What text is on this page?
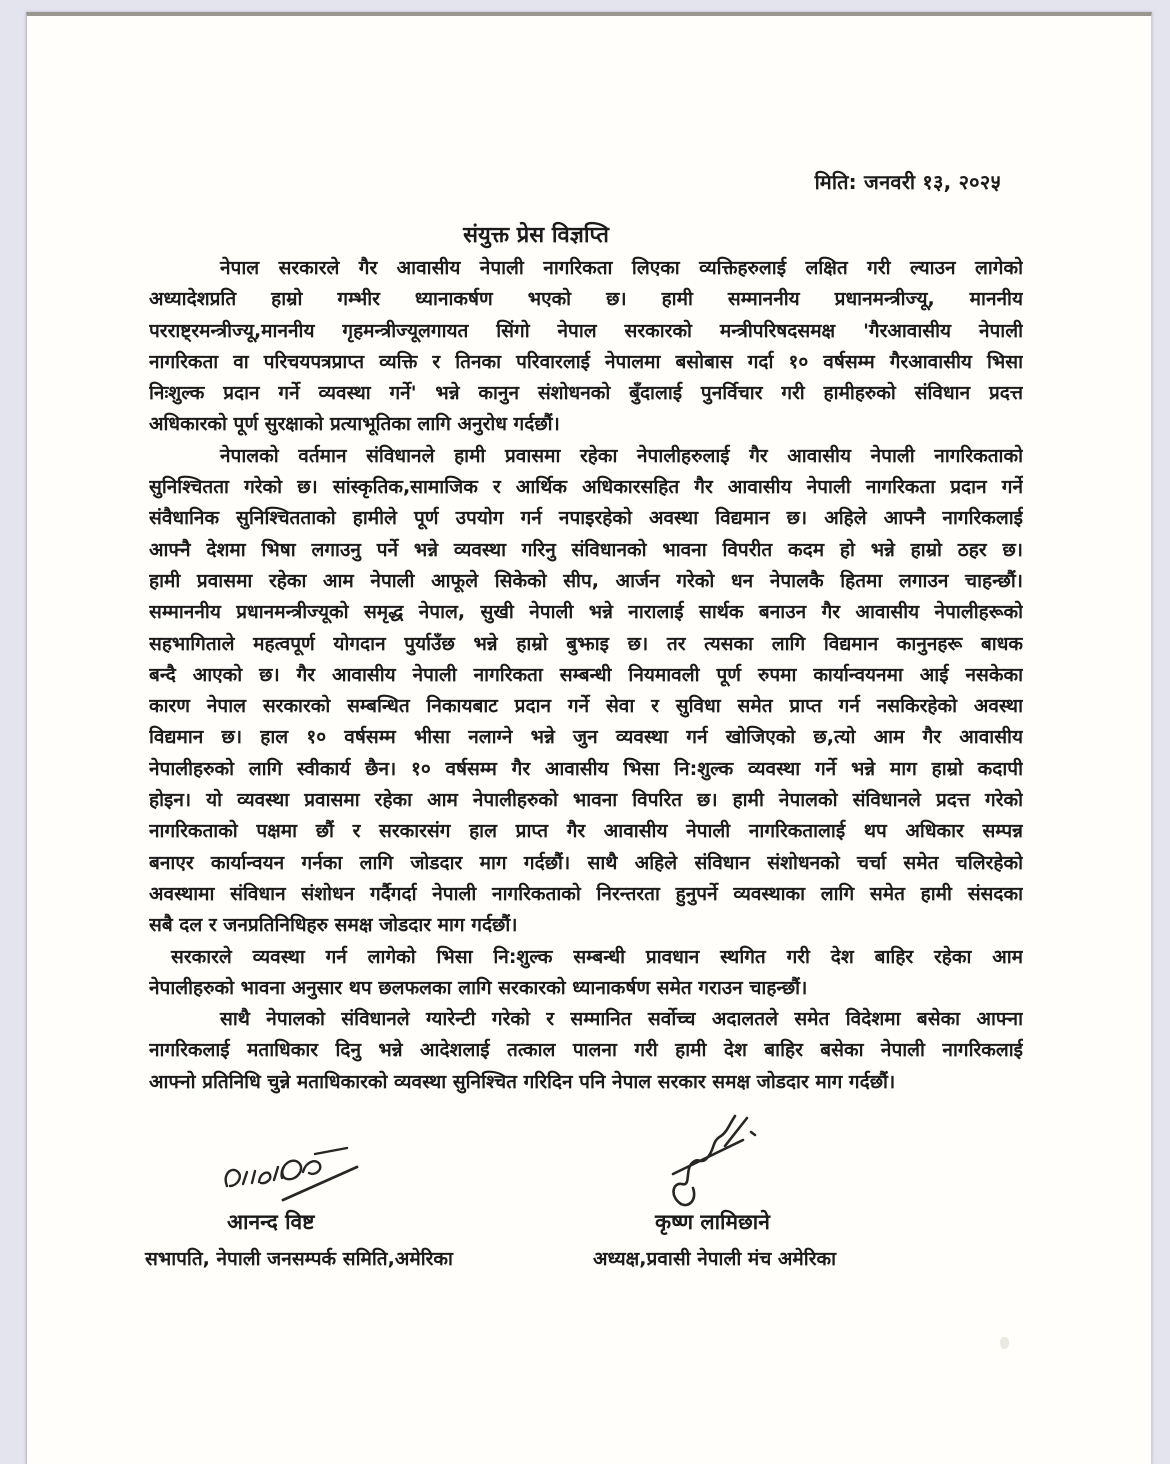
मिति: जनवरी १३, २०२५
संयुक्त प्रेस विज्ञप्ति
नेपाल सरकारले गैर आवासीय नेपाली नागरिकता लिएका व्यक्तिहरुलाई लक्षित गरी ल्याउन लागेको
अध्यादेशप्रति हाम्रो गम्भीर ध्यानाकर्षण भएको छ। हामी सम्माननीय प्रधानमन्त्रीज्यू, माननीय
परराष्ट्रमन्त्रीज्यू,माननीय गृहमन्त्रीज्यूलगायत सिंगो नेपाल सरकारको मन्त्रीपरिषदसमक्ष 'गैरआवासीय नेपाली
नागरिकता वा परिचयपत्रप्राप्त व्यक्ति र तिनका परिवारलाई नेपालमा बसोबास गर्दा १० वर्षसम्म गैरआवासीय भिसा
निःशुल्क प्रदान गर्ने व्यवस्था गर्ने' भन्ने कानुन संशोधनको बुँदालाई पुनर्विचार गरी हामीहरुको संविधान प्रदत्त
अधिकारको पूर्ण सुरक्षाको प्रत्याभूतिका लागि अनुरोध गर्दछौं।
नेपालको वर्तमान संविधानले हामी प्रवासमा रहेका नेपालीहरुलाई गैर आवासीय नेपाली नागरिकताको
सुनिश्चितता गरेको छ। सांस्कृतिक,सामाजिक र आर्थिक अधिकारसहित गैर आवासीय नेपाली नागरिकता प्रदान गर्ने
संवैधानिक सुनिश्चितताको हामीले पूर्ण उपयोग गर्न नपाइरहेको अवस्था विद्यमान छ। अहिले आफ्नै नागरिकलाई
आफ्नै देशमा भिषा लगाउनु पर्ने भन्ने व्यवस्था गरिनु संविधानको भावना विपरीत कदम हो भन्ने हाम्रो ठहर छ।
हामी प्रवासमा रहेका आम नेपाली आफूले सिकेको सीप, आर्जन गरेको धन नेपालकै हितमा लगाउन चाहन्छौं।
सम्माननीय प्रधानमन्त्रीज्यूको समृद्ध नेपाल, सुखी नेपाली भन्ने नारालाई सार्थक बनाउन गैर आवासीय नेपालीहरूको
सहभागिताले महत्वपूर्ण योगदान पुर्याउँछ भन्ने हाम्रो बुझाइ छ। तर त्यसका लागि विद्यमान कानुनहरू बाधक
बन्दै आएको छ। गैर आवासीय नेपाली नागरिकता सम्बन्धी नियमावली पूर्ण रुपमा कार्यान्वयनमा आई नसकेका
कारण नेपाल सरकारको सम्बन्धित निकायबाट प्रदान गर्ने सेवा र सुविधा समेत प्राप्त गर्न नसकिरहेको अवस्था
विद्यमान छ। हाल १० वर्षसम्म भीसा नलाग्ने भन्ने जुन व्यवस्था गर्न खोजिएको छ,त्यो आम गैर आवासीय
नेपालीहरुको लागि स्वीकार्य छैन। १० वर्षसम्म गैर आवासीय भिसा नि:शुल्क व्यवस्था गर्ने भन्ने माग हाम्रो कदापी
होइन। यो व्यवस्था प्रवासमा रहेका आम नेपालीहरुको भावना विपरित छ। हामी नेपालको संविधानले प्रदत्त गरेको
नागरिकताको पक्षमा छौं र सरकारसंग हाल प्राप्त गैर आवासीय नेपाली नागरिकतालाई थप अधिकार सम्पन्न
बनाएर कार्यान्वयन गर्नका लागि जोडदार माग गर्दछौं। साथै अहिले संविधान संशोधनको चर्चा समेत चलिरहेको
अवस्थामा संविधान संशोधन गर्दैगर्दा नेपाली नागरिकताको निरन्तरता हुनुपर्ने व्यवस्थाका लागि समेत हामी संसदका
सबै दल र जनप्रतिनिधिहरु समक्ष जोडदार माग गर्दछौं।
सरकारले व्यवस्था गर्न लागेको भिसा नि:शुल्क सम्बन्धी प्रावधान स्थगित गरी देश बाहिर रहेका आम
नेपालीहरुको भावना अनुसार थप छलफलका लागि सरकारको ध्यानाकर्षण समेत गराउन चाहन्छौं।
साथै नेपालको संविधानले ग्यारेन्टी गरेको र सम्मानित सर्वोच्च अदालतले समेत विदेशमा बसेका आफ्ना
नागरिकलाई मताधिकार दिनु भन्ने आदेशलाई तत्काल पालना गरी हामी देश बाहिर बसेका नेपाली नागरिकलाई
आफ्नो प्रतिनिधि चुन्ने मताधिकारको व्यवस्था सुनिश्चित गरिदिन पनि नेपाल सरकार समक्ष जोडदार माग गर्दछौं।
आनन्द विष्ट	कृष्ण लामिछाने
सभापति, नेपाली जनसम्पर्क समिति,अमेरिका	अध्यक्ष,प्रवासी नेपाली मंच अमेरिका
